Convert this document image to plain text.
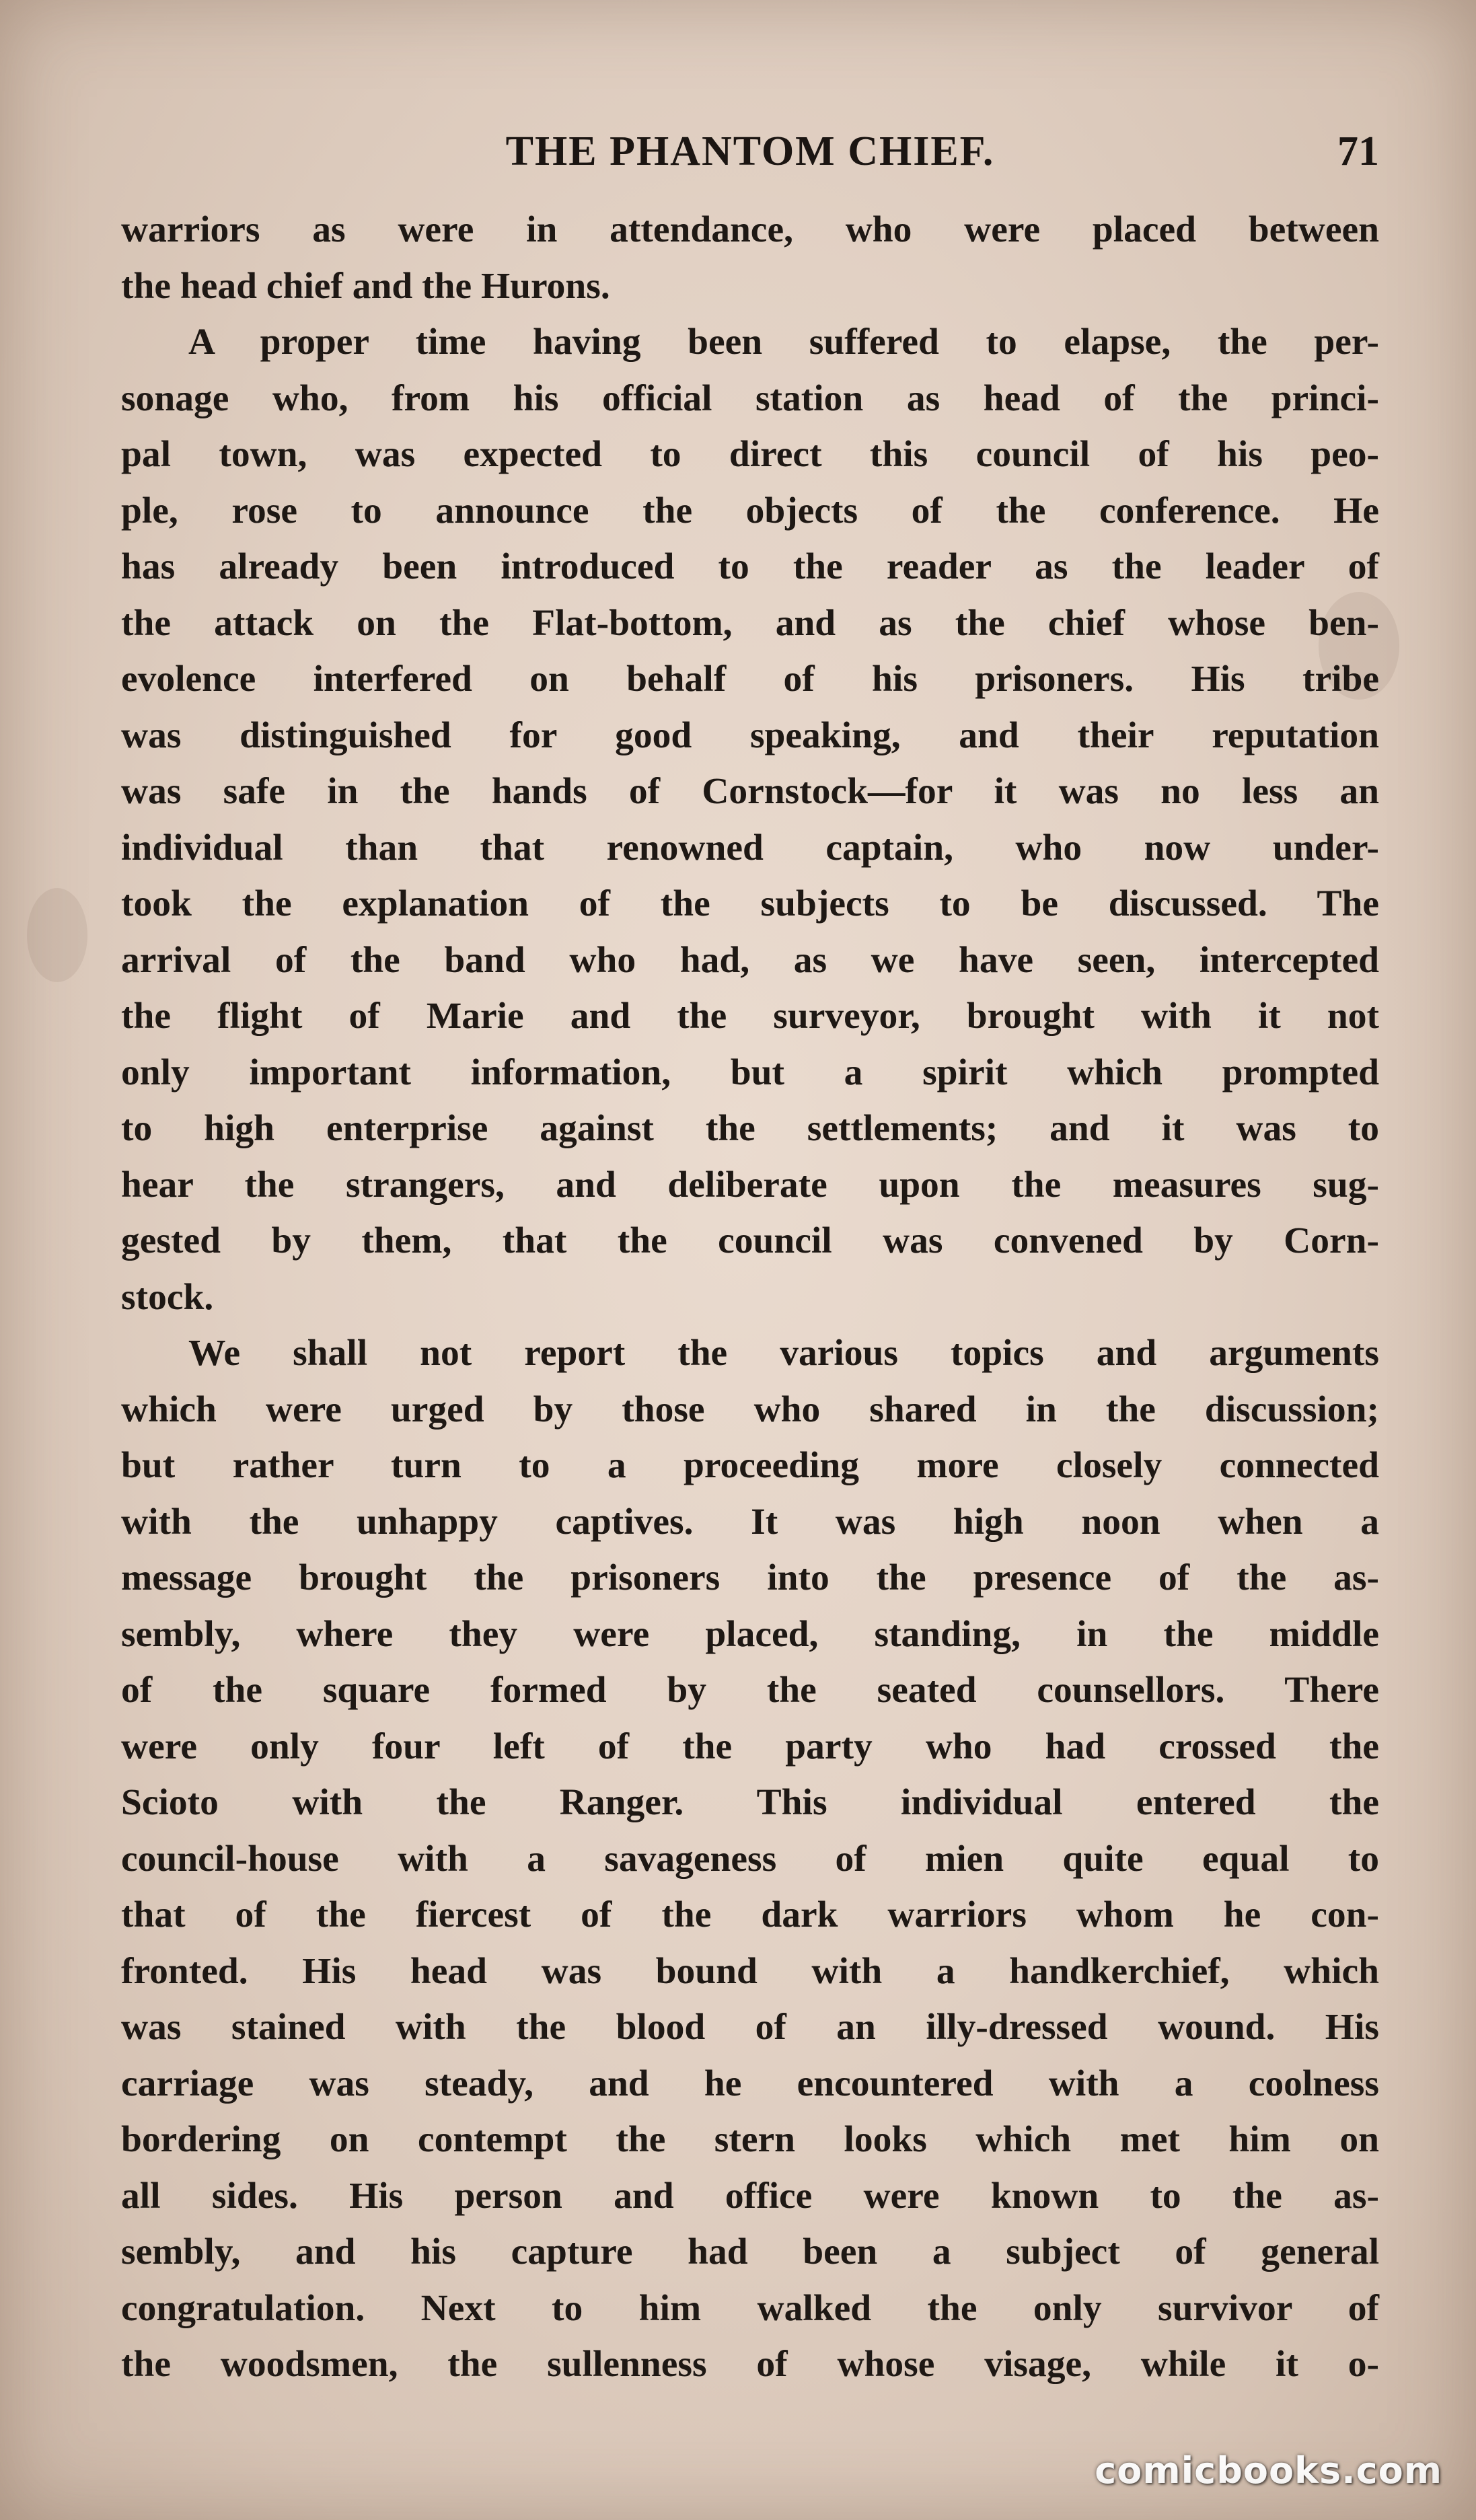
THE PHANTOM CHIEF.	71
warriors as were in attendance, who were placed between
the head chief and the Hurons.
A proper time having been suffered to elapse, the per-
sonage who, from his official station as head of the princi-
pal town, was expected to direct this council of his peo-
ple, rose to announce the objects of the conference. He
has already been introduced to the reader as the leader of
the attack on the Flat-bottom, and as the chief whose ben-
evolence interfered on behalf of his prisoners. His tribe
was distinguished for good speaking, and their reputation
was safe in the hands of Cornstock—for it was no less an
individual than that renowned captain, who now under-
took the explanation of the subjects to be discussed. The
arrival of the band who had, as we have seen, intercepted
the flight of Marie and the surveyor, brought with it not
only important information, but a spirit which prompted
to high enterprise against the settlements; and it was to
hear the strangers, and deliberate upon the measures sug-
gested by them, that the council was convened by Corn-
stock.
We shall not report the various topics and arguments
which were urged by those who shared in the discussion;
but rather turn to a proceeding more closely connected
with the unhappy captives. It was high noon when a
message brought the prisoners into the presence of the as-
sembly, where they were placed, standing, in the middle
of the square formed by the seated counsellors. There
were only four left of the party who had crossed the
Scioto with the Ranger. This individual entered the
council-house with a savageness of mien quite equal to
that of the fiercest of the dark warriors whom he con-
fronted. His head was bound with a handkerchief, which
was stained with the blood of an illy-dressed wound. His
carriage was steady, and he encountered with a coolness
bordering on contempt the stern looks which met him on
all sides. His person and office were known to the as-
sembly, and his capture had been a subject of general
congratulation. Next to him walked the only survivor of
the woodsmen, the sullenness of whose visage, while it o-
comicbooks.com
